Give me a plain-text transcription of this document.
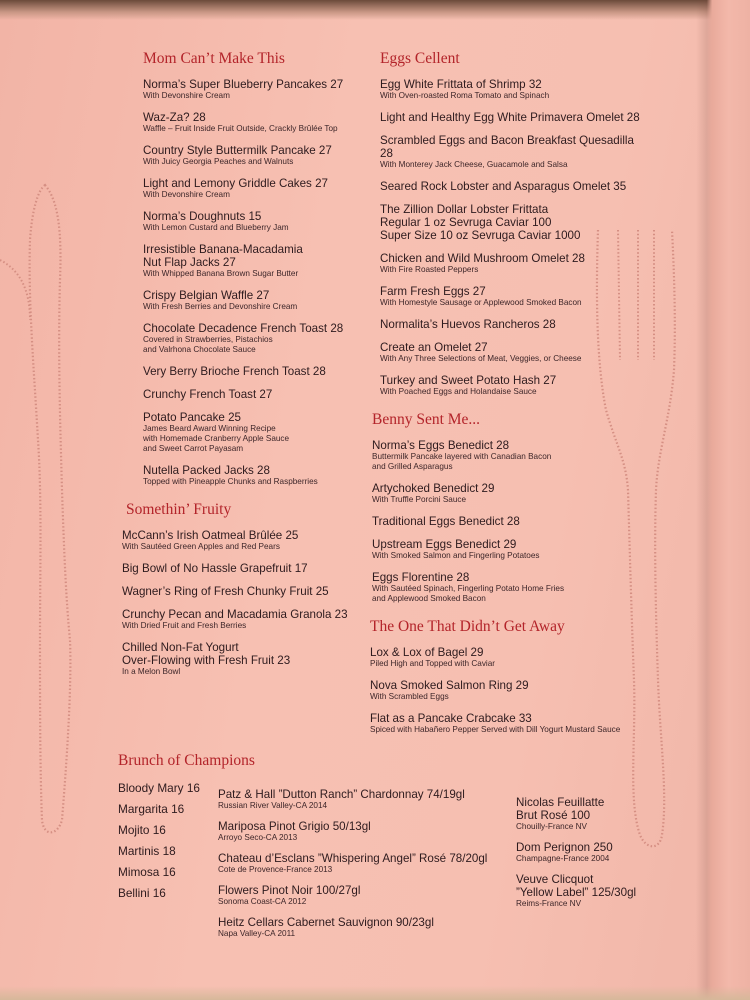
Mom Can’t Make This
Norma’s Super Blueberry Pancakes 27
With Devonshire Cream
Waz-Za? 28
Waffle – Fruit Inside Fruit Outside, Crackly Brûlée Top
Country Style Buttermilk Pancake 27
With Juicy Georgia Peaches and Walnuts
Light and Lemony Griddle Cakes 27
With Devonshire Cream
Norma’s Doughnuts 15
With Lemon Custard and Blueberry Jam
Irresistible Banana-Macadamia
Nut Flap Jacks 27
With Whipped Banana Brown Sugar Butter
Crispy Belgian Waffle 27
With Fresh Berries and Devonshire Cream
Chocolate Decadence French Toast 28
Covered in Strawberries, Pistachios
and Valrhona Chocolate Sauce
Very Berry Brioche French Toast 28
Crunchy French Toast 27
Potato Pancake 25
James Beard Award Winning Recipe
with Homemade Cranberry Apple Sauce
and Sweet Carrot Payasam
Nutella Packed Jacks 28
Topped with Pineapple Chunks and Raspberries
Somethin’ Fruity
McCann’s Irish Oatmeal Brûlée 25
With Sautéed Green Apples and Red Pears
Big Bowl of No Hassle Grapefruit 17
Wagner’s Ring of Fresh Chunky Fruit 25
Crunchy Pecan and Macadamia Granola 23
With Dried Fruit and Fresh Berries
Chilled Non-Fat Yogurt
Over-Flowing with Fresh Fruit 23
In a Melon Bowl
Eggs Cellent
Egg White Frittata of Shrimp 32
With Oven-roasted Roma Tomato and Spinach
Light and Healthy Egg White Primavera Omelet 28
Scrambled Eggs and Bacon Breakfast Quesadilla 28
With Monterey Jack Cheese, Guacamole and Salsa
Seared Rock Lobster and Asparagus Omelet 35
The Zillion Dollar Lobster Frittata
Regular 1 oz Sevruga Caviar 100
Super Size 10 oz Sevruga Caviar 1000
Chicken and Wild Mushroom Omelet 28
With Fire Roasted Peppers
Farm Fresh Eggs 27
With Homestyle Sausage or Applewood Smoked Bacon
Normalita’s Huevos Rancheros 28
Create an Omelet 27
With Any Three Selections of Meat, Veggies, or Cheese
Turkey and Sweet Potato Hash 27
With Poached Eggs and Holandaise Sauce
Benny Sent Me...
Norma’s Eggs Benedict 28
Buttermilk Pancake layered with Canadian Bacon
and Grilled Asparagus
Artychoked Benedict 29
With Truffle Porcini Sauce
Traditional Eggs Benedict 28
Upstream Eggs Benedict 29
With Smoked Salmon and Fingerling Potatoes
Eggs Florentine 28
With Sautéed Spinach, Fingerling Potato Home Fries
and Applewood Smoked Bacon
The One That Didn’t Get Away
Lox & Lox of Bagel 29
Piled High and Topped with Caviar
Nova Smoked Salmon Ring 29
With Scrambled Eggs
Flat as a Pancake Crabcake 33
Spiced with Habañero Pepper Served with Dill Yogurt Mustard Sauce
Brunch of Champions
Bloody Mary 16
Margarita 16
Mojito 16
Martinis 18
Mimosa 16
Bellini 16
Patz & Hall ”Dutton Ranch” Chardonnay 74/19gl
Russian River Valley-CA 2014
Mariposa Pinot Grigio 50/13gl
Arroyo Seco-CA 2013
Chateau d’Esclans ”Whispering Angel” Rosé 78/20gl
Cote de Provence-France 2013
Flowers Pinot Noir 100/27gl
Sonoma Coast-CA 2012
Heitz Cellars Cabernet Sauvignon 90/23gl
Napa Valley-CA 2011
Nicolas Feuillatte
Brut Rosé 100
Chouilly-France NV
Dom Perignon 250
Champagne-France 2004
Veuve Clicquot
”Yellow Label” 125/30gl
Reims-France NV
